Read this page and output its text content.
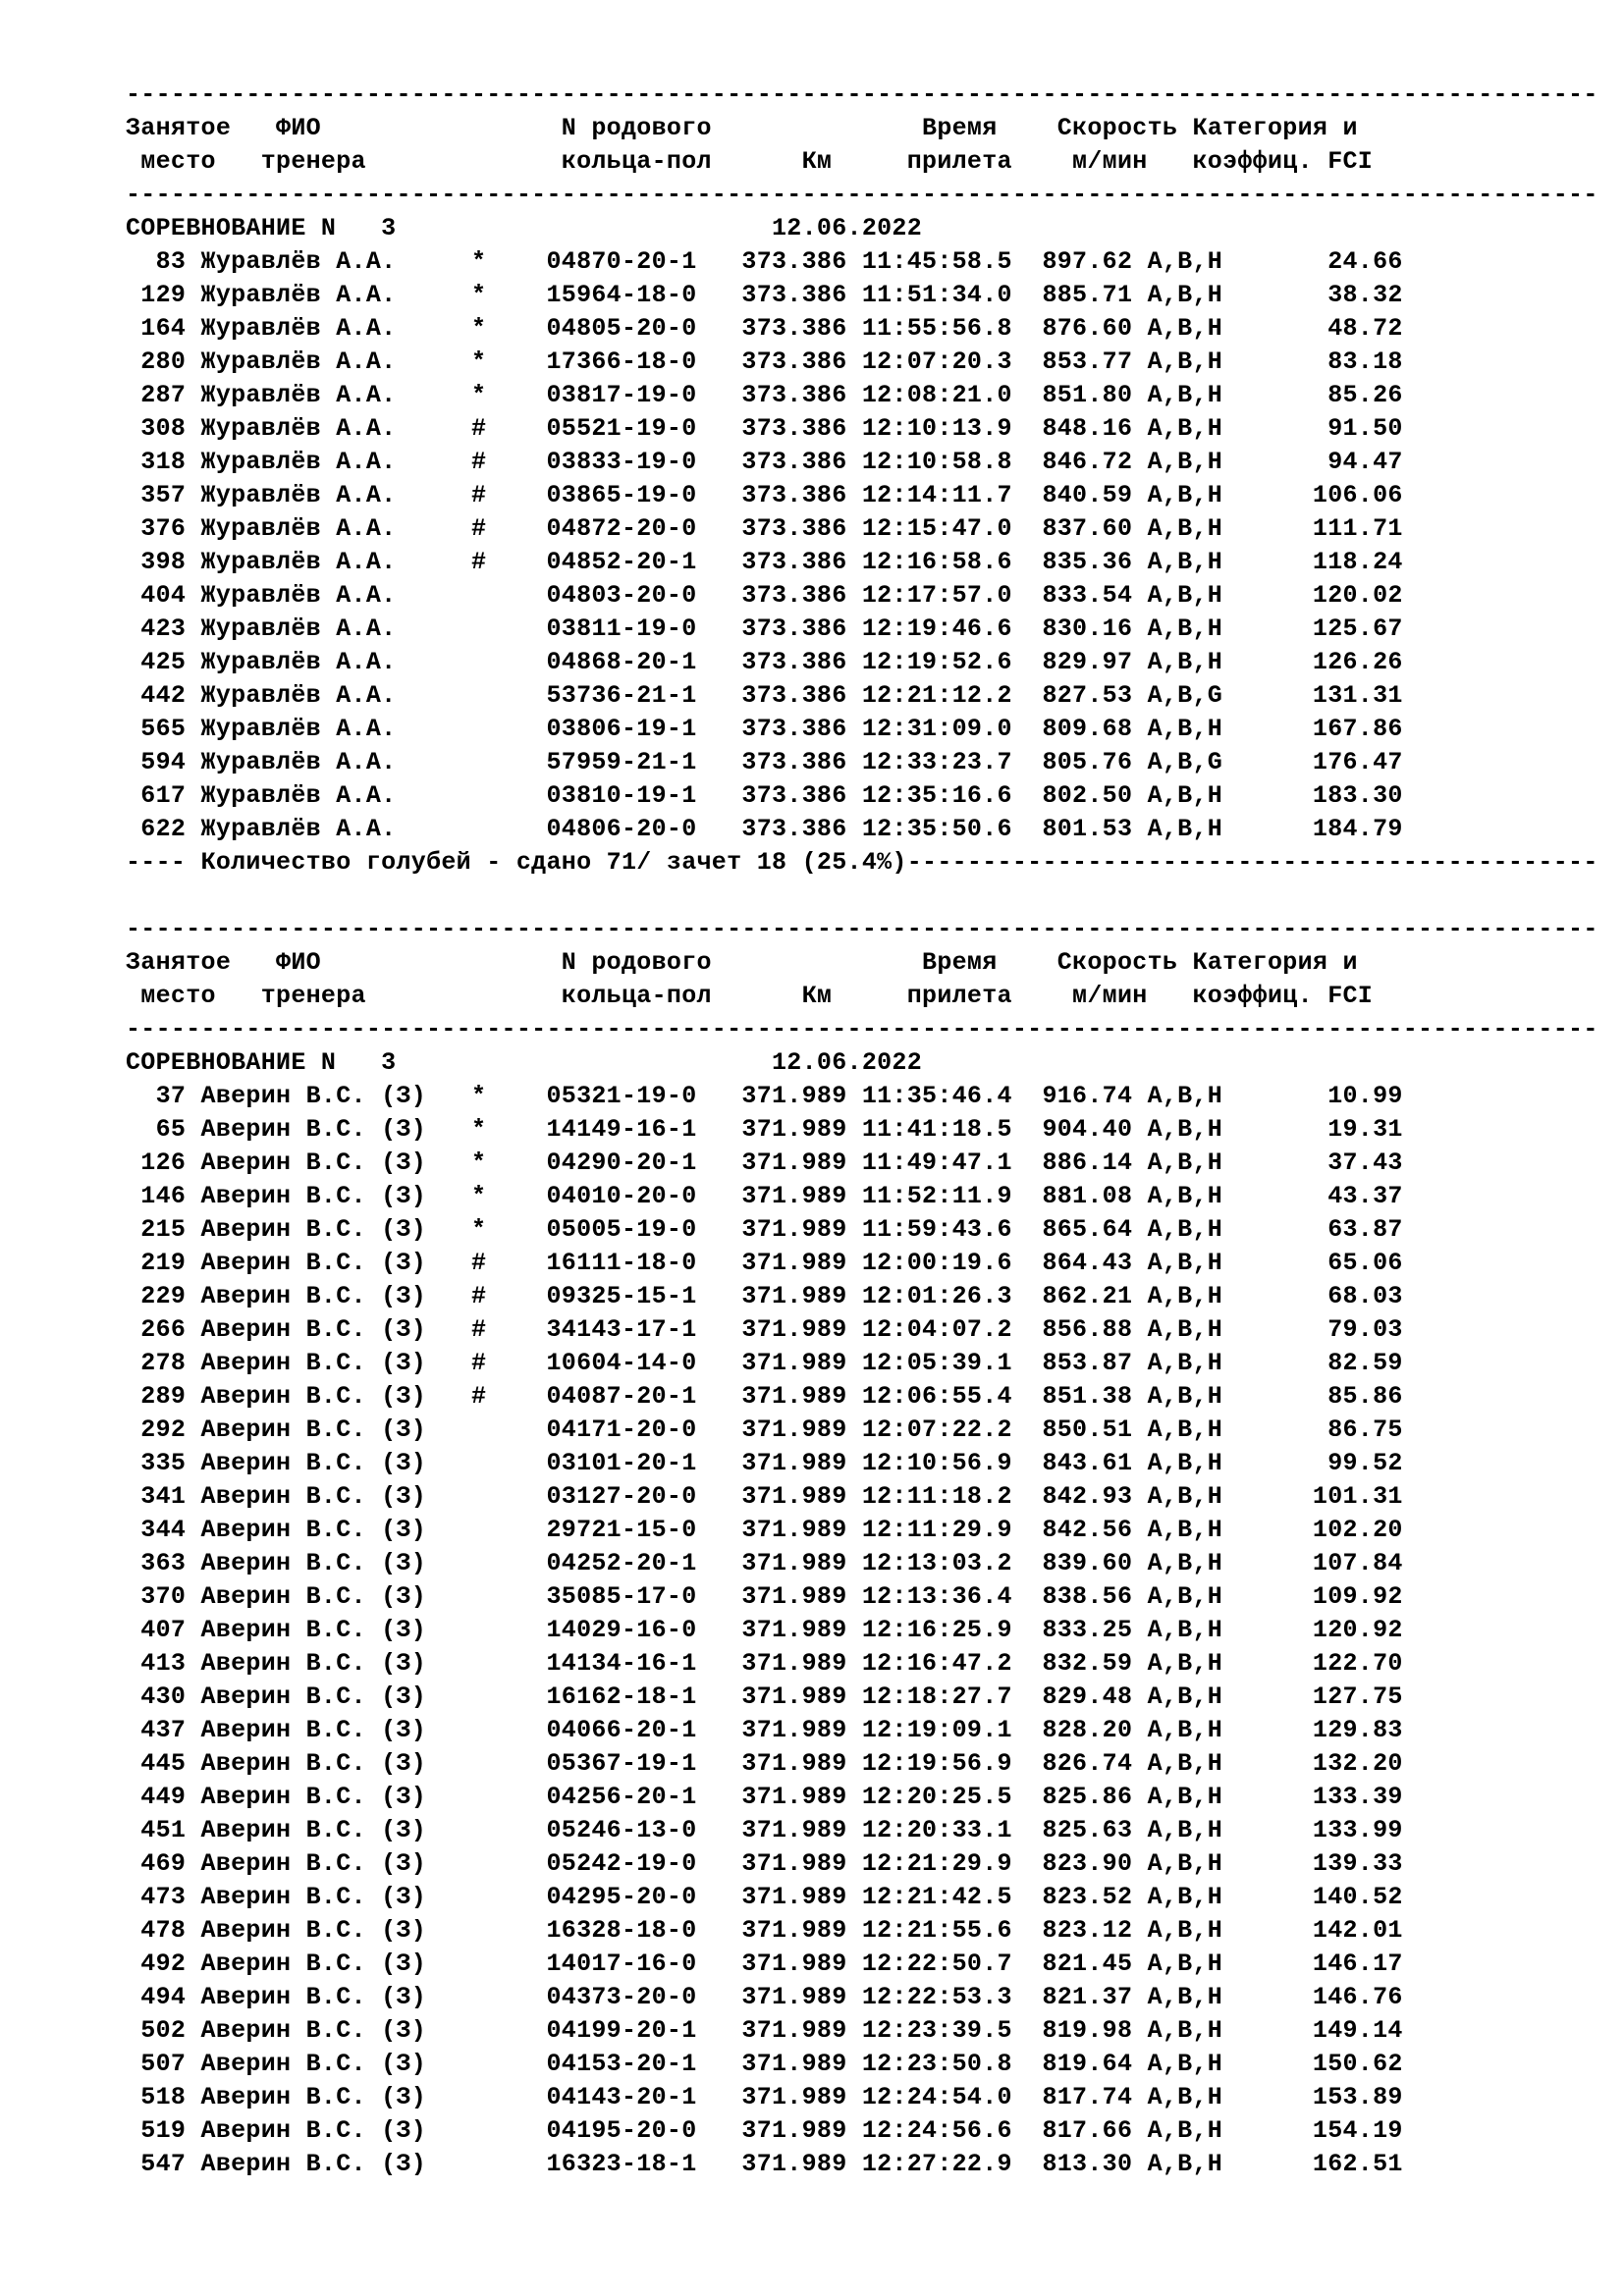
--------------------------------------------------------------------------------------------------
Занятое   ФИО                N родового              Время    Скорость Категория и
место   тренера             кольца-пол      Км     прилета    м/мин   коэффиц. FCI
--------------------------------------------------------------------------------------------------
СОРЕВНОВАНИЕ N   3                         12.06.2022
83 Журавлёв А.А.     *    04870-20-1   373.386 11:45:58.5  897.62 A,B,H       24.66
129 Журавлёв А.А.     *    15964-18-0   373.386 11:51:34.0  885.71 A,B,H       38.32
164 Журавлёв А.А.     *    04805-20-0   373.386 11:55:56.8  876.60 A,B,H       48.72
280 Журавлёв А.А.     *    17366-18-0   373.386 12:07:20.3  853.77 A,B,H       83.18
287 Журавлёв А.А.     *    03817-19-0   373.386 12:08:21.0  851.80 A,B,H       85.26
308 Журавлёв А.А.     #    05521-19-0   373.386 12:10:13.9  848.16 A,B,H       91.50
318 Журавлёв А.А.     #    03833-19-0   373.386 12:10:58.8  846.72 A,B,H       94.47
357 Журавлёв А.А.     #    03865-19-0   373.386 12:14:11.7  840.59 A,B,H      106.06
376 Журавлёв А.А.     #    04872-20-0   373.386 12:15:47.0  837.60 A,B,H      111.71
398 Журавлёв А.А.     #    04852-20-1   373.386 12:16:58.6  835.36 A,B,H      118.24
404 Журавлёв А.А.          04803-20-0   373.386 12:17:57.0  833.54 A,B,H      120.02
423 Журавлёв А.А.          03811-19-0   373.386 12:19:46.6  830.16 A,B,H      125.67
425 Журавлёв А.А.          04868-20-1   373.386 12:19:52.6  829.97 A,B,H      126.26
442 Журавлёв А.А.          53736-21-1   373.386 12:21:12.2  827.53 A,B,G      131.31
565 Журавлёв А.А.          03806-19-1   373.386 12:31:09.0  809.68 A,B,H      167.86
594 Журавлёв А.А.          57959-21-1   373.386 12:33:23.7  805.76 A,B,G      176.47
617 Журавлёв А.А.          03810-19-1   373.386 12:35:16.6  802.50 A,B,H      183.30
622 Журавлёв А.А.          04806-20-0   373.386 12:35:50.6  801.53 A,B,H      184.79
---- Количество голубей - сдано 71/ зачет 18 (25.4%)----------------------------------------------
--------------------------------------------------------------------------------------------------
Занятое   ФИО                N родового              Время    Скорость Категория и
место   тренера             кольца-пол      Км     прилета    м/мин   коэффиц. FCI
--------------------------------------------------------------------------------------------------
СОРЕВНОВАНИЕ N   3                         12.06.2022
37 Аверин В.С. (З)   *    05321-19-0   371.989 11:35:46.4  916.74 A,B,H       10.99
65 Аверин В.С. (З)   *    14149-16-1   371.989 11:41:18.5  904.40 A,B,H       19.31
126 Аверин В.С. (З)   *    04290-20-1   371.989 11:49:47.1  886.14 A,B,H       37.43
146 Аверин В.С. (З)   *    04010-20-0   371.989 11:52:11.9  881.08 A,B,H       43.37
215 Аверин В.С. (З)   *    05005-19-0   371.989 11:59:43.6  865.64 A,B,H       63.87
219 Аверин В.С. (З)   #    16111-18-0   371.989 12:00:19.6  864.43 A,B,H       65.06
229 Аверин В.С. (З)   #    09325-15-1   371.989 12:01:26.3  862.21 A,B,H       68.03
266 Аверин В.С. (З)   #    34143-17-1   371.989 12:04:07.2  856.88 A,B,H       79.03
278 Аверин В.С. (З)   #    10604-14-0   371.989 12:05:39.1  853.87 A,B,H       82.59
289 Аверин В.С. (З)   #    04087-20-1   371.989 12:06:55.4  851.38 A,B,H       85.86
292 Аверин В.С. (З)        04171-20-0   371.989 12:07:22.2  850.51 A,B,H       86.75
335 Аверин В.С. (З)        03101-20-1   371.989 12:10:56.9  843.61 A,B,H       99.52
341 Аверин В.С. (З)        03127-20-0   371.989 12:11:18.2  842.93 A,B,H      101.31
344 Аверин В.С. (З)        29721-15-0   371.989 12:11:29.9  842.56 A,B,H      102.20
363 Аверин В.С. (З)        04252-20-1   371.989 12:13:03.2  839.60 A,B,H      107.84
370 Аверин В.С. (З)        35085-17-0   371.989 12:13:36.4  838.56 A,B,H      109.92
407 Аверин В.С. (З)        14029-16-0   371.989 12:16:25.9  833.25 A,B,H      120.92
413 Аверин В.С. (З)        14134-16-1   371.989 12:16:47.2  832.59 A,B,H      122.70
430 Аверин В.С. (З)        16162-18-1   371.989 12:18:27.7  829.48 A,B,H      127.75
437 Аверин В.С. (З)        04066-20-1   371.989 12:19:09.1  828.20 A,B,H      129.83
445 Аверин В.С. (З)        05367-19-1   371.989 12:19:56.9  826.74 A,B,H      132.20
449 Аверин В.С. (З)        04256-20-1   371.989 12:20:25.5  825.86 A,B,H      133.39
451 Аверин В.С. (З)        05246-13-0   371.989 12:20:33.1  825.63 A,B,H      133.99
469 Аверин В.С. (З)        05242-19-0   371.989 12:21:29.9  823.90 A,B,H      139.33
473 Аверин В.С. (З)        04295-20-0   371.989 12:21:42.5  823.52 A,B,H      140.52
478 Аверин В.С. (З)        16328-18-0   371.989 12:21:55.6  823.12 A,B,H      142.01
492 Аверин В.С. (З)        14017-16-0   371.989 12:22:50.7  821.45 A,B,H      146.17
494 Аверин В.С. (З)        04373-20-0   371.989 12:22:53.3  821.37 A,B,H      146.76
502 Аверин В.С. (З)        04199-20-1   371.989 12:23:39.5  819.98 A,B,H      149.14
507 Аверин В.С. (З)        04153-20-1   371.989 12:23:50.8  819.64 A,B,H      150.62
518 Аверин В.С. (З)        04143-20-1   371.989 12:24:54.0  817.74 A,B,H      153.89
519 Аверин В.С. (З)        04195-20-0   371.989 12:24:56.6  817.66 A,B,H      154.19
547 Аверин В.С. (З)        16323-18-1   371.989 12:27:22.9  813.30 A,B,H      162.51
